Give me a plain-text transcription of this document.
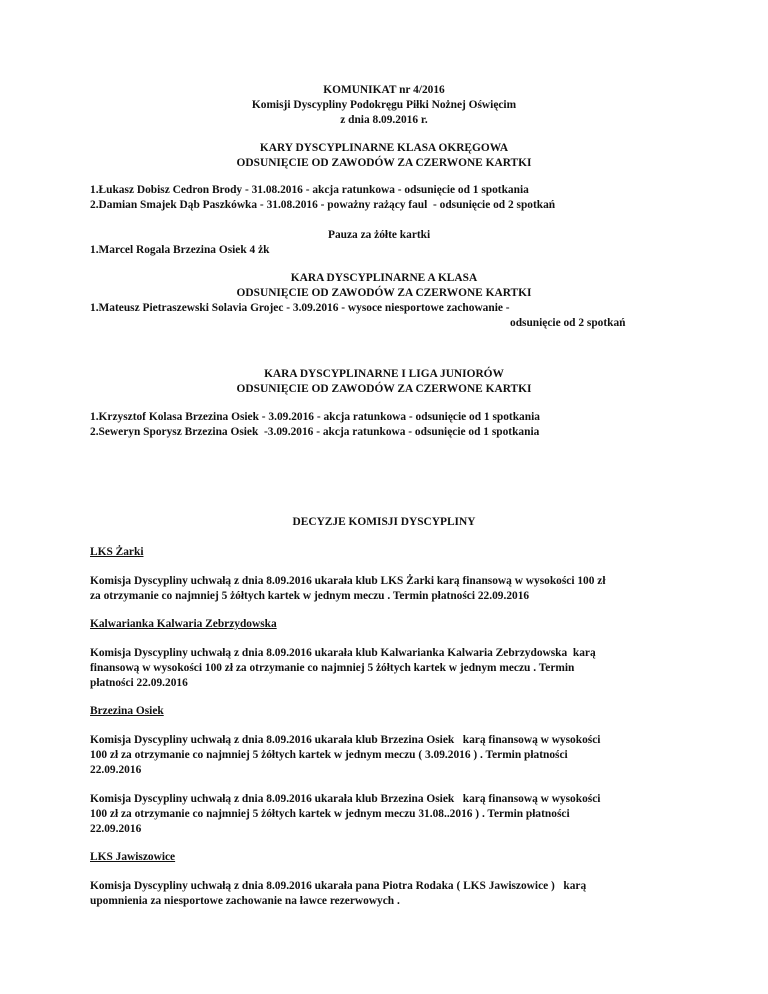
KOMUNIKAT nr 4/2016
Komisji Dyscypliny Podokręgu Piłki Nożnej Oświęcim
z dnia 8.09.2016 r.
KARY DYSCYPLINARNE KLASA OKRĘGOWA
ODSUNIĘCIE OD ZAWODÓW ZA CZERWONE KARTKI
1.Łukasz Dobisz Cedron Brody - 31.08.2016 - akcja ratunkowa - odsunięcie od 1 spotkania
2.Damian Smajek Dąb Paszkówka - 31.08.2016 - poważny rażący faul  - odsunięcie od 2 spotkań
Pauza za żółte kartki
1.Marcel Rogala Brzezina Osiek 4 żk
KARA DYSCYPLINARNE A KLASA
ODSUNIĘCIE OD ZAWODÓW ZA CZERWONE KARTKI
1.Mateusz Pietraszewski Solavia Grojec - 3.09.2016 - wysoce niesportowe zachowanie -
odsunięcie od 2 spotkań
KARA DYSCYPLINARNE I LIGA JUNIORÓW
ODSUNIĘCIE OD ZAWODÓW ZA CZERWONE KARTKI
1.Krzysztof Kolasa Brzezina Osiek - 3.09.2016 - akcja ratunkowa - odsunięcie od 1 spotkania
2.Seweryn Sporysz Brzezina Osiek  -3.09.2016 - akcja ratunkowa - odsunięcie od 1 spotkania
DECYZJE KOMISJI DYSCYPLINY
LKS Żarki
Komisja Dyscypliny uchwałą z dnia 8.09.2016 ukarała klub LKS Żarki karą finansową w wysokości 100 zł
za otrzymanie co najmniej 5 żółtych kartek w jednym meczu . Termin płatności 22.09.2016
Kalwarianka Kalwaria Zebrzydowska
Komisja Dyscypliny uchwałą z dnia 8.09.2016 ukarała klub Kalwarianka Kalwaria Zebrzydowska  karą
finansową w wysokości 100 zł za otrzymanie co najmniej 5 żółtych kartek w jednym meczu . Termin
płatności 22.09.2016
Brzezina Osiek
Komisja Dyscypliny uchwałą z dnia 8.09.2016 ukarała klub Brzezina Osiek   karą finansową w wysokości
100 zł za otrzymanie co najmniej 5 żółtych kartek w jednym meczu ( 3.09.2016 ) . Termin płatności
22.09.2016
Komisja Dyscypliny uchwałą z dnia 8.09.2016 ukarała klub Brzezina Osiek   karą finansową w wysokości
100 zł za otrzymanie co najmniej 5 żółtych kartek w jednym meczu 31.08..2016 ) . Termin płatności
22.09.2016
LKS Jawiszowice
Komisja Dyscypliny uchwałą z dnia 8.09.2016 ukarała pana Piotra Rodaka ( LKS Jawiszowice )   karą
upomnienia za niesportowe zachowanie na ławce rezerwowych .
